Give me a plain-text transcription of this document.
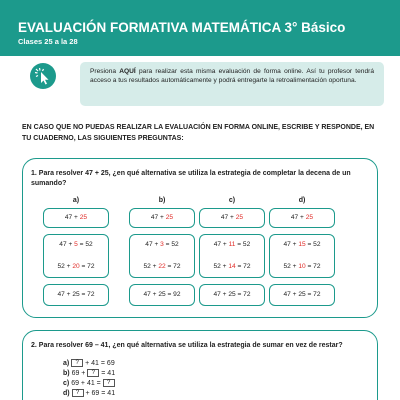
EVALUACIÓN FORMATIVA MATEMÁTICA 3° Básico
Clases 25 a la 28
Presiona AQUÍ para realizar esta misma evaluación de forma online. Así tu profesor tendrá acceso a tus resultados automáticamente y podrá entregarte la retroalimentación oportuna.
EN CASO QUE NO PUEDAS REALIZAR LA EVALUACIÓN EN FORMA ONLINE, ESCRIBE Y RESPONDE, EN TU CUADERNO, LAS SIGUIENTES PREGUNTAS:
1. Para resolver 47 + 25, ¿en qué alternativa se utiliza la estrategia de completar la decena de un sumando?
a)
47 + 25
47 + 5 = 52
52 + 20 = 72
47 + 25 = 72
b)
47 + 25
47 + 3 = 52
52 + 22 = 72
47 + 25 = 92
c)
47 + 25
47 + 11 = 52
52 + 14 = 72
47 + 25 = 72
d)
47 + 25
47 + 15 = 52
52 + 10 = 72
47 + 25 = 72
2. Para resolver 69 – 41, ¿en qué alternativa se utiliza la estrategia de sumar en vez de restar?
a) ? + 41 = 69
b) 69 + ? = 41
c) 69 + 41 = ?
d) ? + 69 = 41
